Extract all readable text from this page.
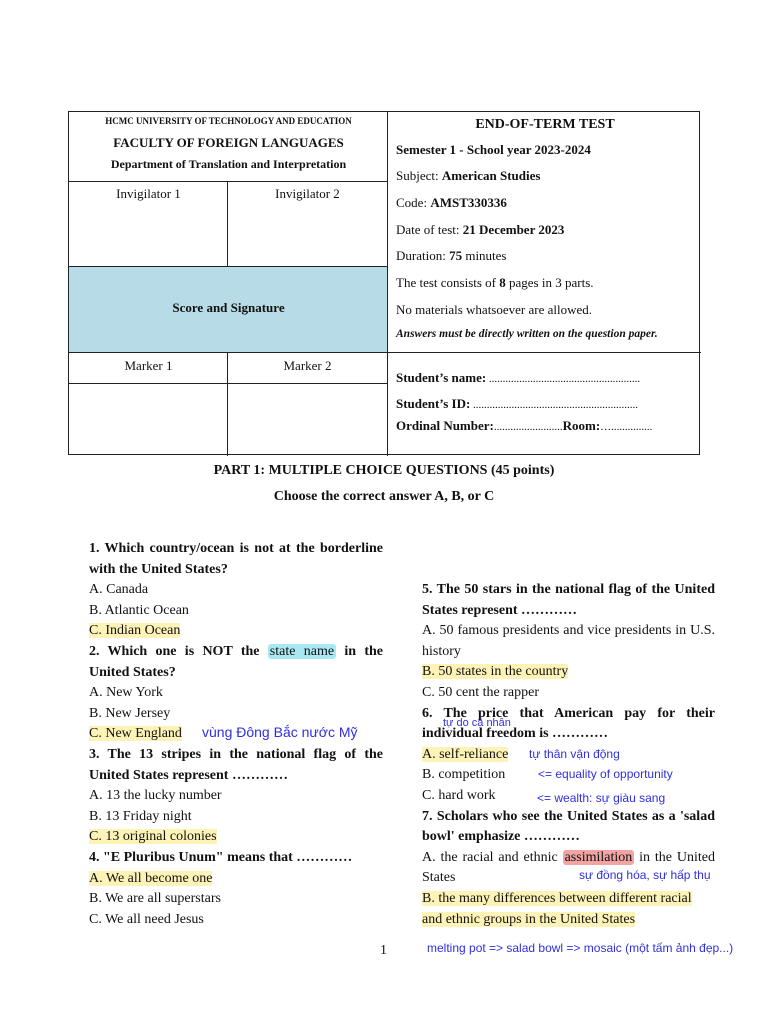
HCMC UNIVERSITY OF TECHNOLOGY AND EDUCATION
FACULTY OF FOREIGN LANGUAGES
Department of Translation and Interpretation
Invigilator 1	Invigilator 2
Score and Signature
Marker 1	Marker 2
END-OF-TERM TEST
Semester 1 - School year 2023-2024
Subject: American Studies
Code: AMST330336
Date of test: 21 December 2023
Duration: 75 minutes
The test consists of 8 pages in 3 parts.
No materials whatsoever are allowed.
Answers must be directly written on the question paper.
Student’s name: .......................................................
Student’s ID: ............................................................
Ordinal Number:.........................Room:…...............
PART 1: MULTIPLE CHOICE QUESTIONS (45 points)
Choose the correct answer A, B, or C
1. Which country/ocean is not at the borderline with the United States?
A. Canada
B. Atlantic Ocean
C. Indian Ocean
2. Which one is NOT the state name in the United States?
A. New York
B. New Jersey
C. New England
3. The 13 stripes in the national flag of the United States represent …………
A. 13 the lucky number
B. 13 Friday night
C. 13 original colonies
4. "E Pluribus Unum" means that …………
A. We all become one
B. We are all superstars
C. We all need Jesus
5. The 50 stars in the national flag of the United States represent …………
A. 50 famous presidents and vice presidents in U.S. history
B. 50 states in the country
C. 50 cent the rapper
6. The price that American pay for their individual freedom is …………
A. self-reliance
B. competition
C. hard work
7. Scholars who see the United States as a 'salad bowl' emphasize …………
A. the racial and ethnic assimilation in the United States
B. the many differences between different racial and ethnic groups in the United States
vùng Đông Bắc nước Mỹ
tự do cá nhân
tự thân vận động
<= equality of opportunity
<= wealth: sự giàu sang
sự đồng hóa, sự hấp thụ
melting pot => salad bowl => mosaic (một tấm ảnh đẹp...)
1
